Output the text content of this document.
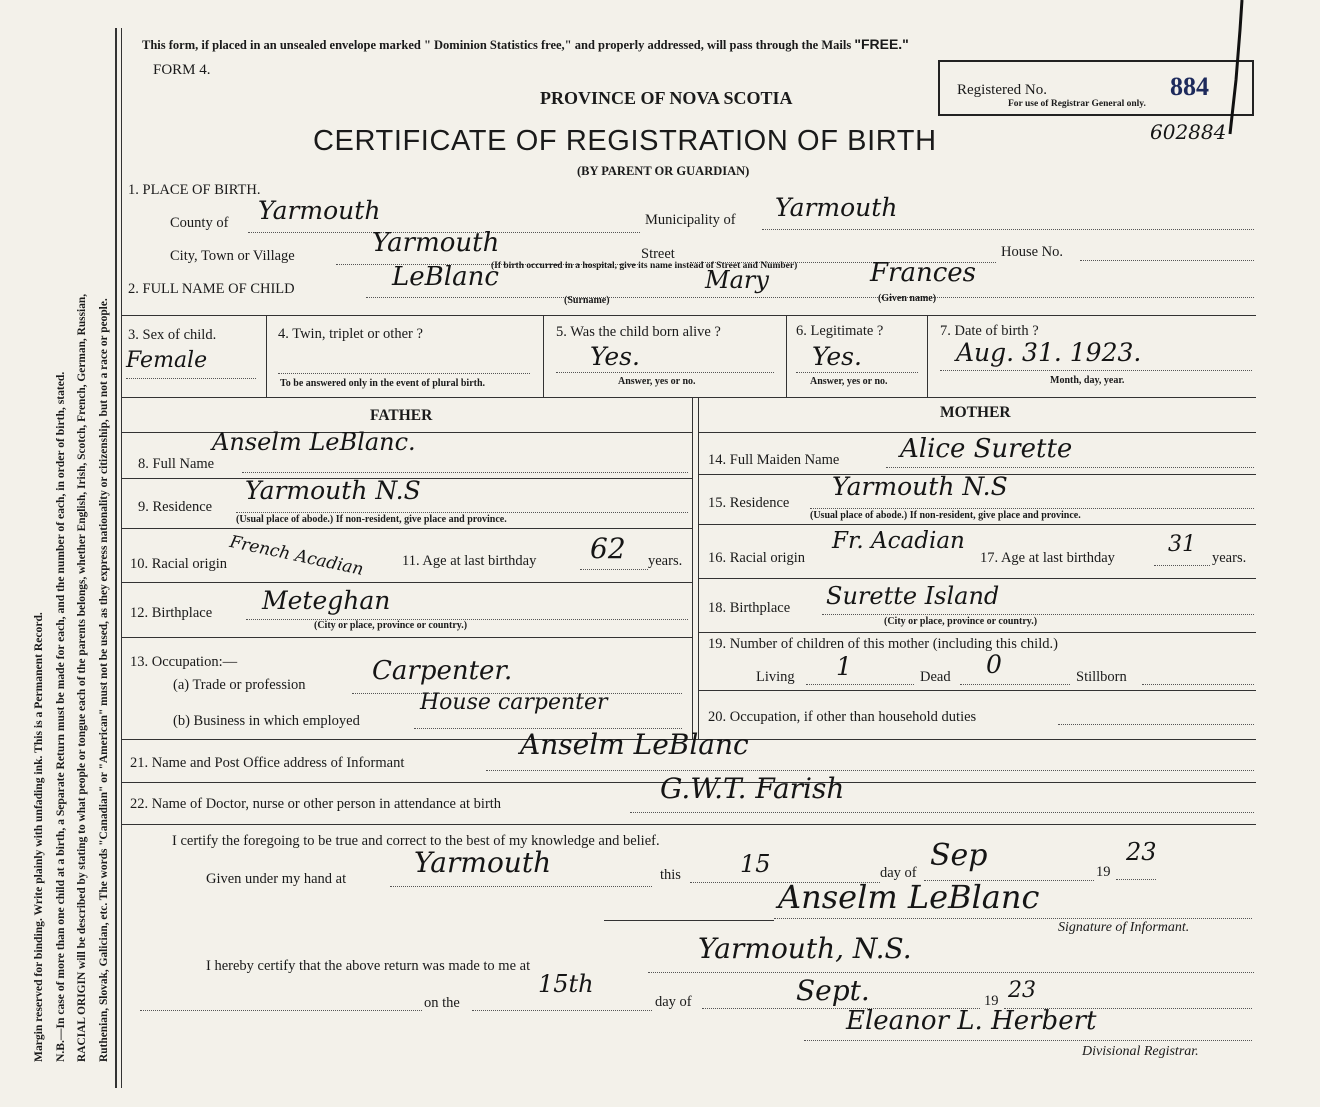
Margin reserved for binding. Write plainly with unfading ink. This is a Permanent Record. N.B.—In case of more than one child at a birth, a Separate Return must be made for each, and the number of each, in order of birth, stated. RACIAL ORIGIN will be described by stating to what people or tongue each of the parents belongs, whether English, Irish, Scotch, French, German, Russian, Ruthenian, Slovak, Galician, etc. The words "Canadian" or "American" must not be used, as they express nationality or citizenship, but not a race or people.
This form, if placed in an unsealed envelope marked " Dominion Statistics free," and properly addressed, will pass through the Mails "FREE."
FORM 4.
PROVINCE OF NOVA SCOTIA
CERTIFICATE OF REGISTRATION OF BIRTH
(BY PARENT OR GUARDIAN)
Registered No.	884
For use of Registrar General only.
602884
1. PLACE OF BIRTH.
County of Yarmouth	Municipality of Yarmouth
City, Town or Village	Yarmouth	Street	House No.
(If birth occurred in a hospital, give its name instead of Street and Number)
2. FULL NAME OF CHILD	LeBlanc	Mary	Frances
(Surname)	(Given name)
3. Sex of child.
Female
4. Twin, triplet or other ?
To be answered only in the event of plural birth.
5. Was the child born alive ?
Yes.
Answer, yes or no.
6. Legitimate ?
Yes.
Answer, yes or no.
7. Date of birth ?
Aug. 31. 1923.
Month, day, year.
FATHER
8. Full Name
Anselm LeBlanc.
9. Residence
Yarmouth N.S
(Usual place of abode.) If non-resident, give place and province.
10. Racial origin French Acadian	11. Age at last birthday 62 years.
12. Birthplace Meteghan
(City or place, province or country.)
13. Occupation:—
(a) Trade or profession	Carpenter.
(b) Business in which employed
House carpenter
MOTHER
14. Full Maiden Name Alice Surette
15. Residence
Yarmouth N.S
(Usual place of abode.) If non-resident, give place and province.
16. Racial origin
Fr. Acadian
17. Age at last birthday
31
years.
18. Birthplace Surette Island
(City or place, province or country.)
19. Number of children of this mother (including this child.)
Living 1	Dead 0	Stillborn
20. Occupation, if other than household duties
21. Name and Post Office address of Informant
Anselm LeBlanc
22. Name of Doctor, nurse or other person in attendance at birth	G.W.T. Farish
I certify the foregoing to be true and correct to the best of my knowledge and belief.
Given under my hand at Yarmouth	this 15	day of Sep	19
23
Anselm LeBlanc
Signature of Informant.
I hereby certify that the above return was made to me at
Yarmouth, N.S.
on the
15th
day of	Sept.	19 23
Eleanor L. Herbert
Divisional Registrar.
